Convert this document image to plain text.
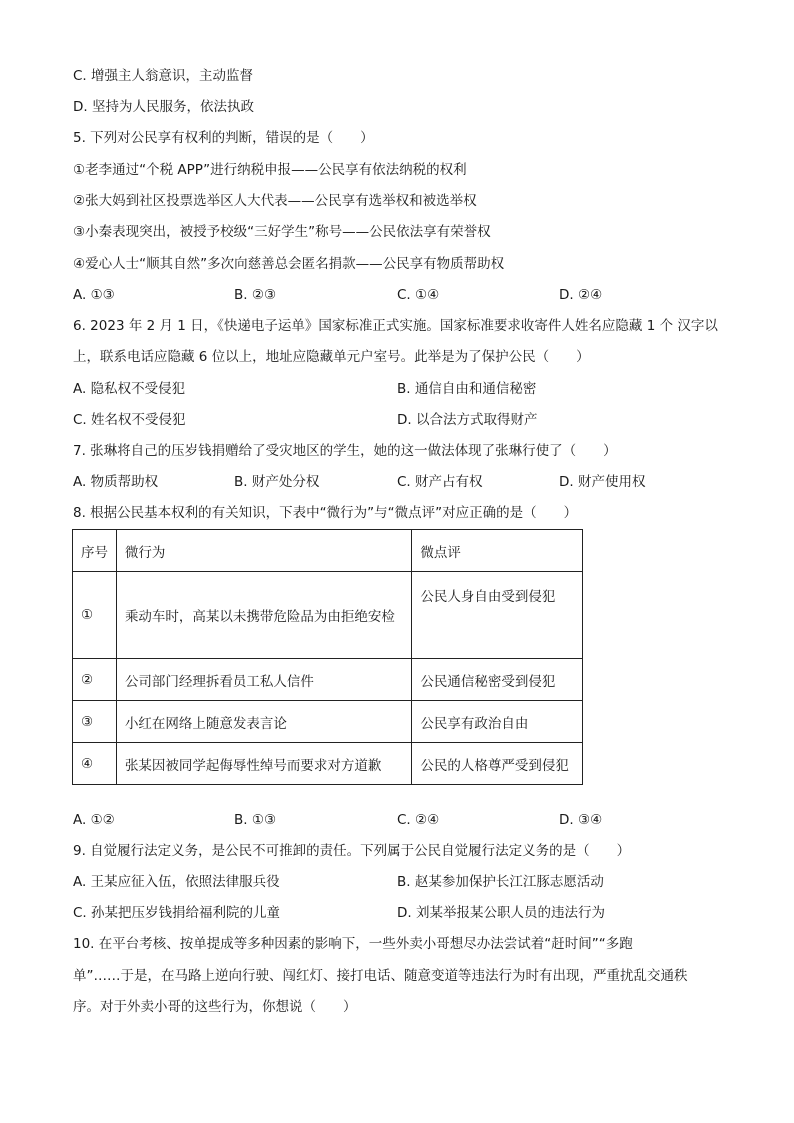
C. 增强主人翁意识，主动监督
D. 坚持为人民服务，依法执政
5. 下列对公民享有权利的判断，错误的是（　　）
①老李通过“个税 APP”进行纳税申报——公民享有依法纳税的权利
②张大妈到社区投票选举区人大代表——公民享有选举权和被选举权
③小秦表现突出，被授予校级“三好学生”称号——公民依法享有荣誉权
④爱心人士“顺其自然”多次向慈善总会匿名捐款——公民享有物质帮助权
A. ①③	B. ②③	C. ①④	D. ②④
6. 2023 年 2 月 1 日，《快递电子运单》国家标准正式实施。国家标准要求收寄件人姓名应隐藏 1 个 汉字以
上，联系电话应隐藏 6 位以上，地址应隐藏单元户室号。此举是为了保护公民（　　）
A. 隐私权不受侵犯	B. 通信自由和通信秘密
C. 姓名权不受侵犯	D. 以合法方式取得财产
7. 张琳将自己的压岁钱捐赠给了受灾地区的学生，她的这一做法体现了张琳行使了（　　）
A. 物质帮助权	B. 财产处分权	C. 财产占有权	D. 财产使用权
8. 根据公民基本权利的有关知识，下表中“微行为”与“微点评”对应正确的是（　　）
序号	微行为	微点评
①	乘动车时，高某以未携带危险品为由拒绝安检	公民人身自由受到侵犯
②	公司部门经理拆看员工私人信件	公民通信秘密受到侵犯
③	小红在网络上随意发表言论	公民享有政治自由
④	张某因被同学起侮辱性绰号而要求对方道歉	公民的人格尊严受到侵犯
A. ①②	B. ①③	C. ②④	D. ③④
9. 自觉履行法定义务，是公民不可推卸的责任。下列属于公民自觉履行法定义务的是（　　）
A. 王某应征入伍，依照法律服兵役	B. 赵某参加保护长江江豚志愿活动
C. 孙某把压岁钱捐给福利院的儿童	D. 刘某举报某公职人员的违法行为
10. 在平台考核、按单提成等多种因素的影响下，一些外卖小哥想尽办法尝试着“赶时间”“多跑
单”……于是，在马路上逆向行驶、闯红灯、接打电话、随意变道等违法行为时有出现，严重扰乱交通秩
序。对于外卖小哥的这些行为，你想说（　　）
